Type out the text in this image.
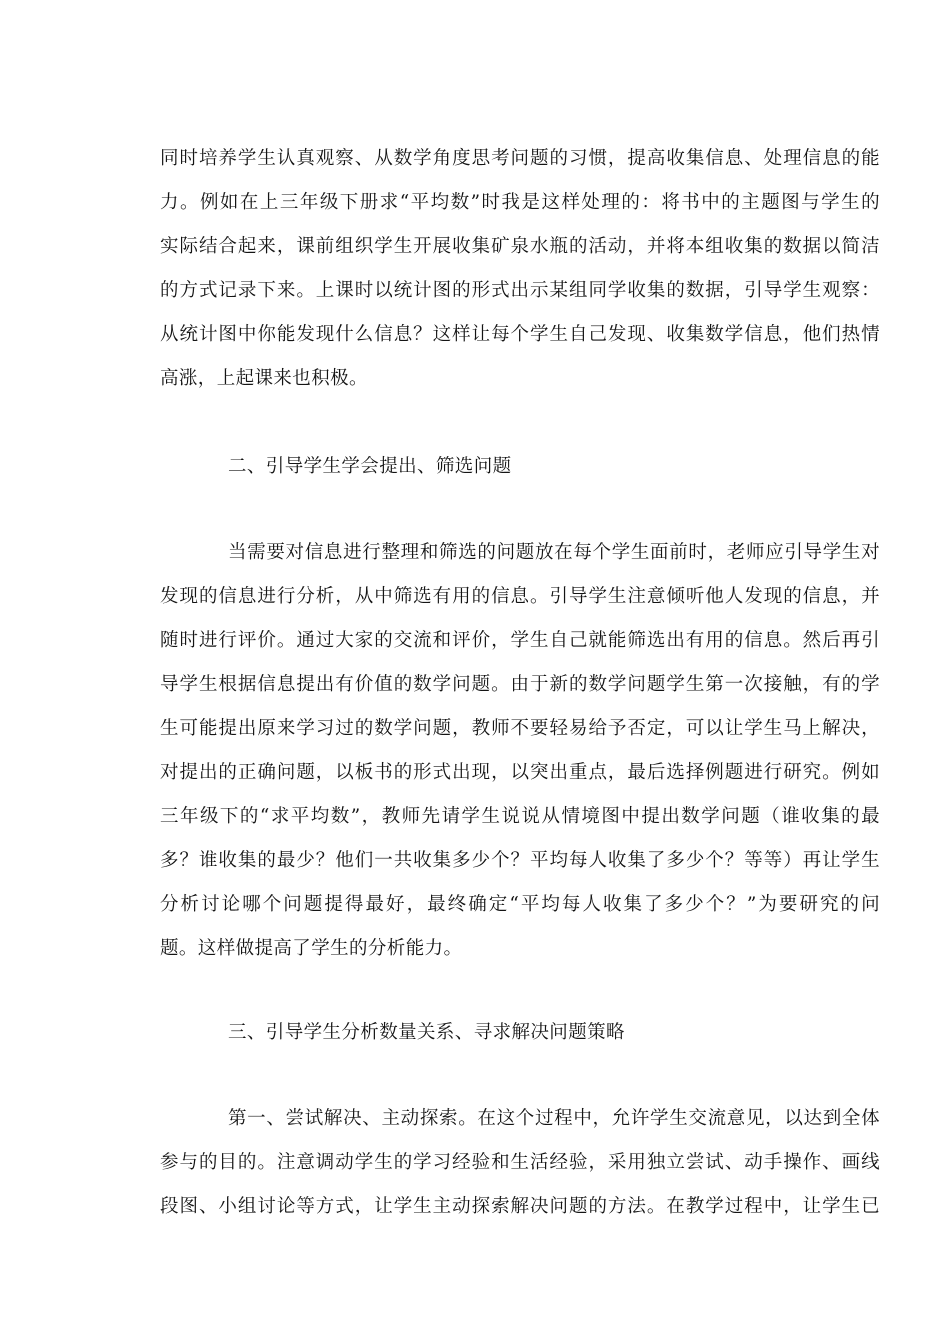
同时培养学生认真观察、从数学角度思考问题的习惯，提高收集信息、处理信息的能
力。例如在上三年级下册求“平均数”时我是这样处理的：将书中的主题图与学生的
实际结合起来，课前组织学生开展收集矿泉水瓶的活动，并将本组收集的数据以简洁
的方式记录下来。上课时以统计图的形式出示某组同学收集的数据，引导学生观察：
从统计图中你能发现什么信息？这样让每个学生自己发现、收集数学信息，他们热情
高涨，上起课来也积极。
二、引导学生学会提出、筛选问题
当需要对信息进行整理和筛选的问题放在每个学生面前时，老师应引导学生对
发现的信息进行分析，从中筛选有用的信息。引导学生注意倾听他人发现的信息，并
随时进行评价。通过大家的交流和评价，学生自己就能筛选出有用的信息。然后再引
导学生根据信息提出有价值的数学问题。由于新的数学问题学生第一次接触，有的学
生可能提出原来学习过的数学问题，教师不要轻易给予否定，可以让学生马上解决，
对提出的正确问题，以板书的形式出现，以突出重点，最后选择例题进行研究。例如
三年级下的“求平均数”，教师先请学生说说从情境图中提出数学问题（谁收集的最
多？谁收集的最少？他们一共收集多少个？平均每人收集了多少个？等等）再让学生
分析讨论哪个问题提得最好，最终确定“平均每人收集了多少个？”为要研究的问
题。这样做提高了学生的分析能力。
三、引导学生分析数量关系、寻求解决问题策略
第一、尝试解决、主动探索。在这个过程中，允许学生交流意见，以达到全体
参与的目的。注意调动学生的学习经验和生活经验，采用独立尝试、动手操作、画线
段图、小组讨论等方式，让学生主动探索解决问题的方法。在教学过程中，让学生已
